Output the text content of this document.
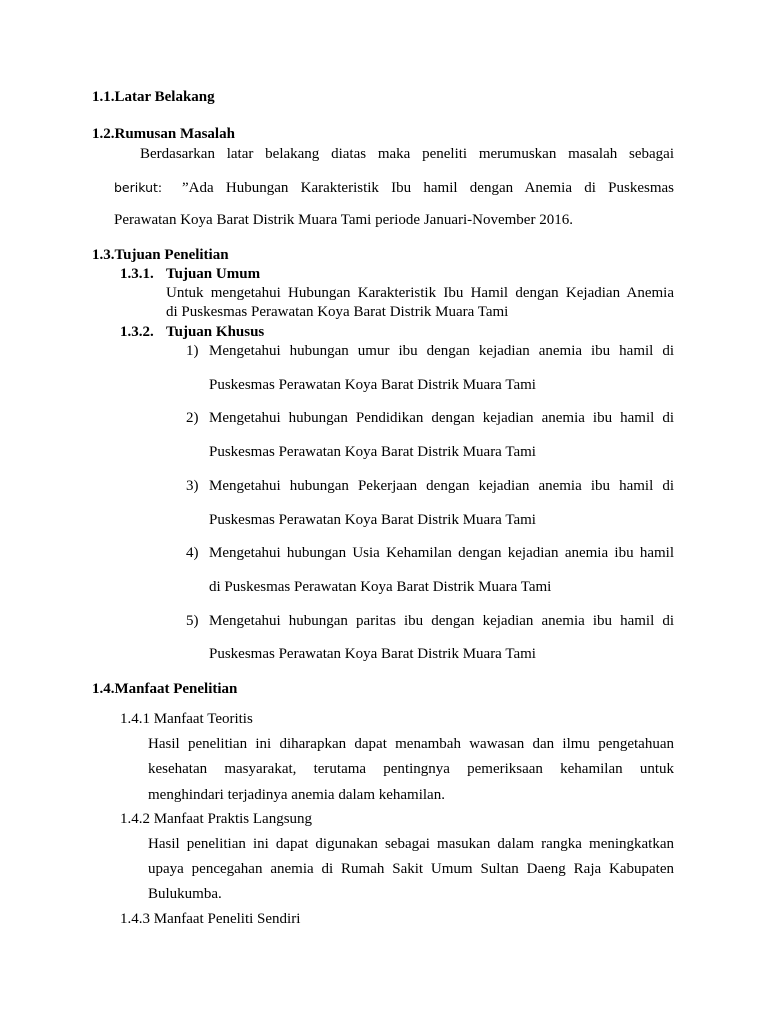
1.1.Latar Belakang
1.2.Rumusan Masalah
Berdasarkan latar belakang diatas maka peneliti merumuskan masalah sebagai
berikut: ”Ada Hubungan Karakteristik Ibu hamil dengan Anemia di Puskesmas
Perawatan Koya Barat Distrik Muara Tami periode Januari-November 2016.
1.3.Tujuan Penelitian
1.3.1. Tujuan Umum
Untuk mengetahui Hubungan Karakteristik Ibu Hamil dengan Kejadian Anemia
di Puskesmas Perawatan Koya Barat Distrik Muara Tami
1.3.2. Tujuan Khusus
1) Mengetahui hubungan umur ibu dengan kejadian anemia ibu hamil di
Puskesmas Perawatan Koya Barat Distrik Muara Tami
2) Mengetahui hubungan Pendidikan dengan kejadian anemia ibu hamil di
Puskesmas Perawatan Koya Barat Distrik Muara Tami
3) Mengetahui hubungan Pekerjaan dengan kejadian anemia ibu hamil di
Puskesmas Perawatan Koya Barat Distrik Muara Tami
4) Mengetahui hubungan Usia Kehamilan dengan kejadian anemia ibu hamil
di Puskesmas Perawatan Koya Barat Distrik Muara Tami
5) Mengetahui hubungan paritas ibu dengan kejadian anemia ibu hamil di
Puskesmas Perawatan Koya Barat Distrik Muara Tami
1.4.Manfaat Penelitian
1.4.1 Manfaat Teoritis
Hasil penelitian ini diharapkan dapat menambah wawasan dan ilmu pengetahuan
kesehatan masyarakat, terutama pentingnya pemeriksaan kehamilan untuk
menghindari terjadinya anemia dalam kehamilan.
1.4.2 Manfaat Praktis Langsung
Hasil penelitian ini dapat digunakan sebagai masukan dalam rangka meningkatkan
upaya pencegahan anemia di Rumah Sakit Umum Sultan Daeng Raja Kabupaten
Bulukumba.
1.4.3 Manfaat Peneliti Sendiri
